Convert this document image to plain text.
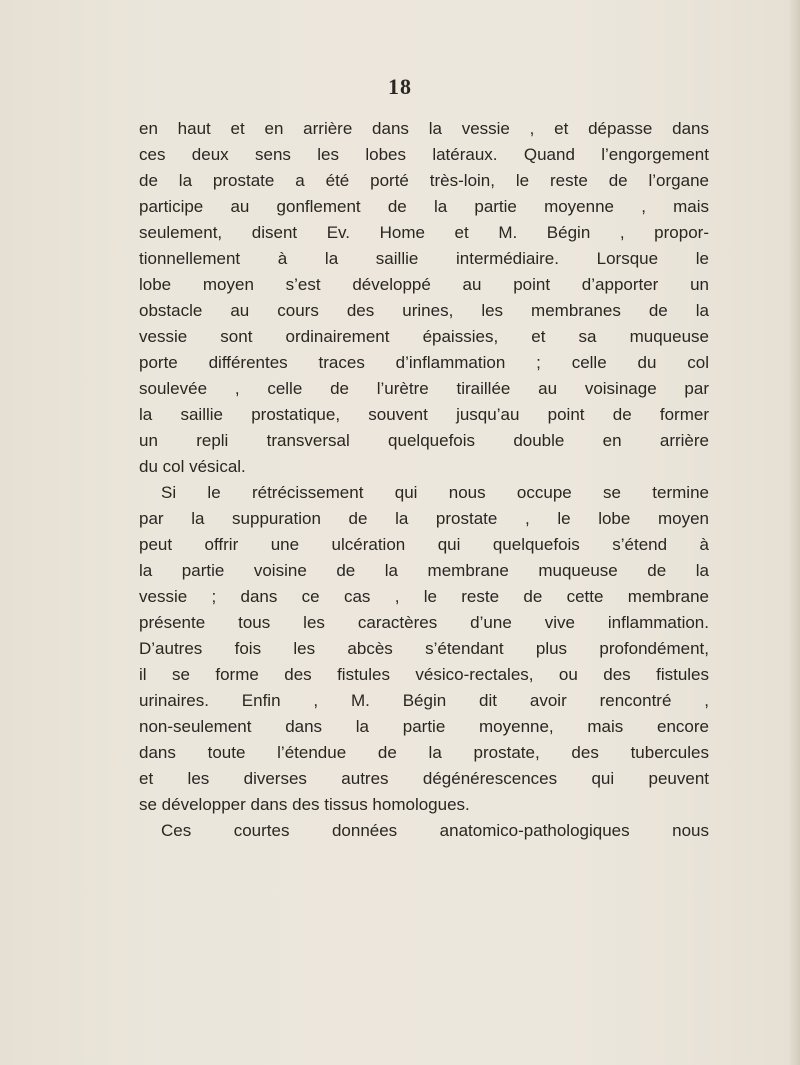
18
en haut et en arrière dans la vessie , et dépasse dans
ces deux sens les lobes latéraux. Quand l’engorgement
de la prostate a été porté très-loin, le reste de l’organe
participe au gonflement de la partie moyenne , mais
seulement, disent Ev. Home et M. Bégin , propor-
tionnellement à la saillie intermédiaire. Lorsque le
lobe moyen s’est développé au point d’apporter un
obstacle au cours des urines, les membranes de la
vessie sont ordinairement épaissies, et sa muqueuse
porte différentes traces d’inflammation ; celle du col
soulevée , celle de l’urètre tiraillée au voisinage par
la saillie prostatique, souvent jusqu’au point de former
un repli transversal quelquefois double en arrière
du col vésical.
Si le rétrécissement qui nous occupe se termine
par la suppuration de la prostate , le lobe moyen
peut offrir une ulcération qui quelquefois s’étend à
la partie voisine de la membrane muqueuse de la
vessie ; dans ce cas , le reste de cette membrane
présente tous les caractères d’une vive inflammation.
D’autres fois les abcès s’étendant plus profondément,
il se forme des fistules vésico-rectales, ou des fistules
urinaires. Enfin , M. Bégin dit avoir rencontré ,
non-seulement dans la partie moyenne, mais encore
dans toute l’étendue de la prostate, des tubercules
et les diverses autres dégénérescences qui peuvent
se développer dans des tissus homologues.
Ces courtes données anatomico-pathologiques nous
